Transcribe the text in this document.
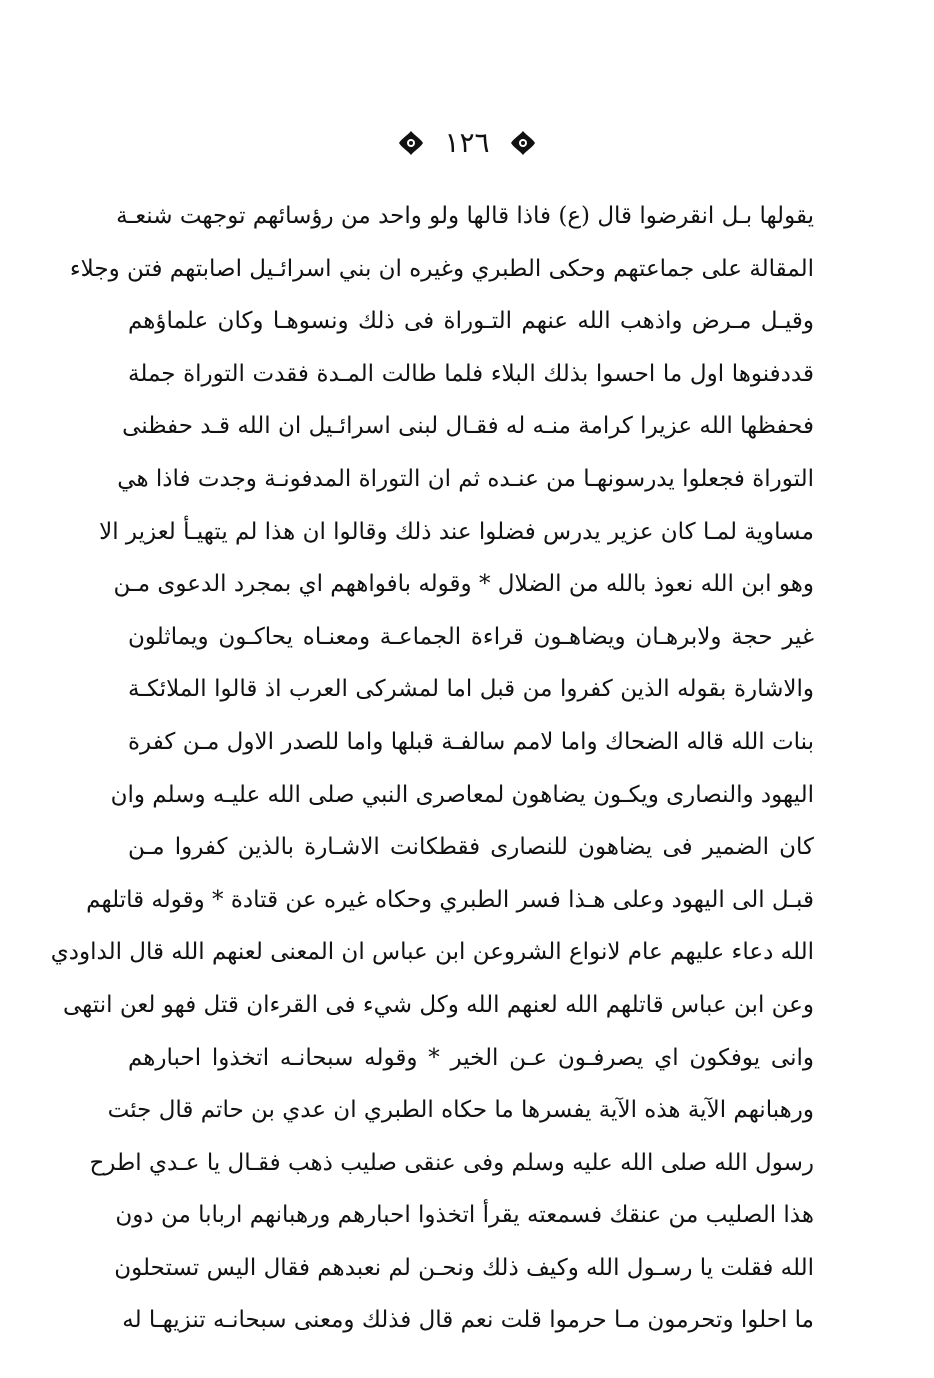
١٢٦
يقولها بـل انقرضوا قال (ع) فاذا قالها ولو واحد من رؤسائهم توجهت شنعـة
المقالة على جماعتهم وحكى الطبري وغيره ان بني اسرائـيل اصابتهم فتن وجلاء
وقيـل مـرض واذهب الله عنهم التـوراة فى ذلك ونسوهـا وكان علماؤهم
قددفنوها اول ما احسوا بذلك البلاء فلما طالت المـدة فقدت التوراة جملة
فحفظها الله عزيرا كرامة منـه له فقـال لبنى اسرائـيل ان الله قـد حفظنى
التوراة فجعلوا يدرسونهـا من عنـده ثم ان التوراة المدفونـة وجدت فاذا هي
مساوية لمـا كان عزير يدرس فضلوا عند ذلك وقالوا ان هذا لم يتهيـأ لعزير الا
وهو ابن الله نعوذ بالله من الضلال * وقوله بافواههم اي بمجرد الدعوى مـن
غير حجة ولابرهـان ويضاهـون قراءة الجماعـة ومعنـاه يحاكـون ويماثلون
والاشارة بقوله الذين كفروا من قبل اما لمشركى العرب اذ قالوا الملائكـة
بنات الله قاله الضحاك واما لامم سالفـة قبلها واما للصدر الاول مـن كفرة
اليهود والنصارى ويكـون يضاهون لمعاصرى النبي صلى الله عليـه وسلم وان
كان الضمير فى يضاهون للنصارى فقطكانت الاشـارة بالذين كفروا مـن
قبـل الى اليهود وعلى هـذا فسر الطبري وحكاه غيره عن قتادة * وقوله قاتلهم
الله دعاء عليهم عام لانواع الشروعن ابن عباس ان المعنى لعنهم الله قال الداودي
وعن ابن عباس قاتلهم الله لعنهم الله وكل شيء فى القرءان قتل فهو لعن انتهى
وانى يوفكون اي يصرفـون عـن الخير * وقوله سبحانـه اتخذوا احبارهم
ورهبانهم الآية هذه الآية يفسرها ما حكاه الطبري ان عدي بن حاتم قال جئت
رسول الله صلى الله عليه وسلم وفى عنقى صليب ذهب فقـال يا عـدي اطرح
هذا الصليب من عنقك فسمعته يقرأ اتخذوا احبارهم ورهبانهم اربابا من دون
الله فقلت يا رسـول الله وكيف ذلك ونحـن لم نعبدهم فقال اليس تستحلون
ما احلوا وتحرمون مـا حرموا قلت نعم قال فذلك ومعنى سبحانـه تنزيهـا له
